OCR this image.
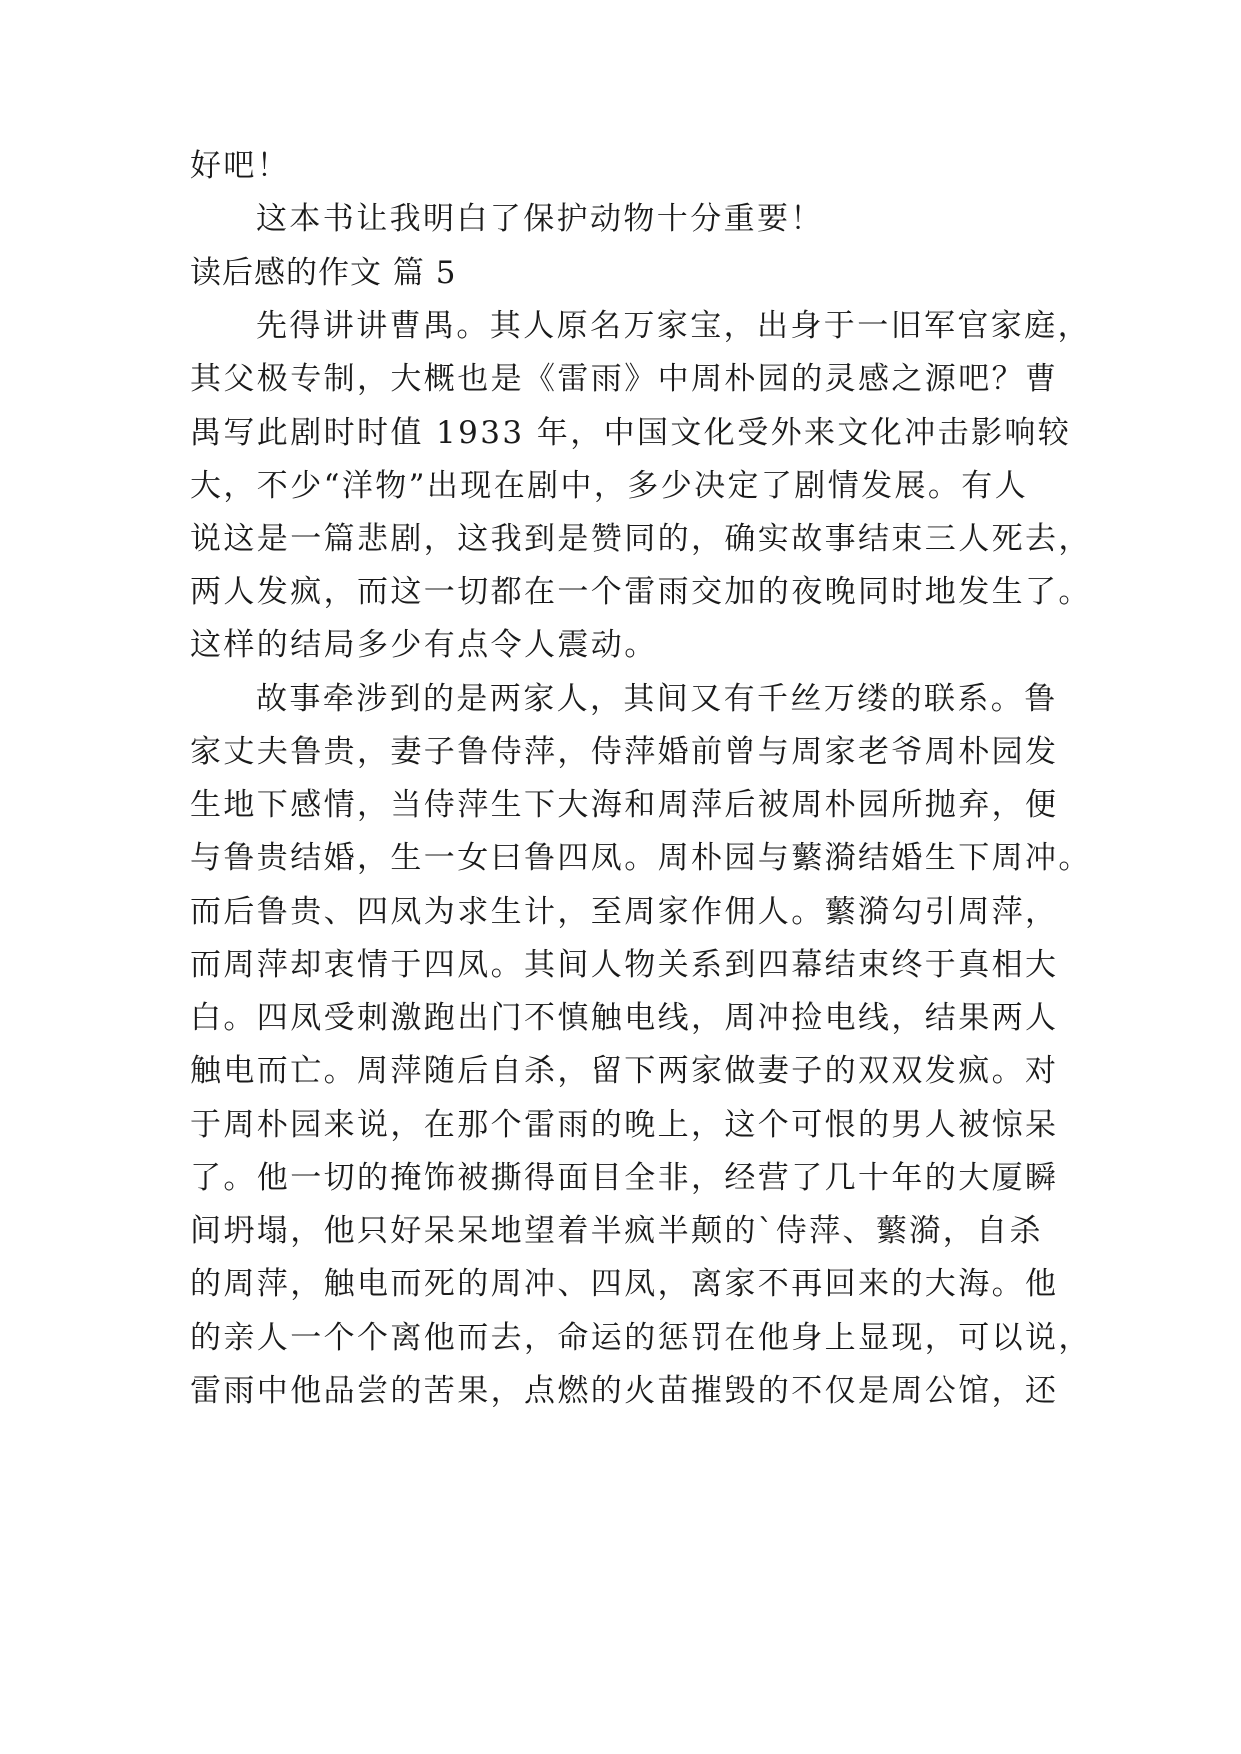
好吧！
这本书让我明白了保护动物十分重要！
读后感的作文 篇 5
先得讲讲曹禺。其人原名万家宝，出身于一旧军官家庭，
其父极专制，大概也是《雷雨》中周朴园的灵感之源吧？曹
禺写此剧时时值 1933 年，中国文化受外来文化冲击影响较
大，不少“洋物”出现在剧中，多少决定了剧情发展。有人
说这是一篇悲剧，这我到是赞同的，确实故事结束三人死去，
两人发疯，而这一切都在一个雷雨交加的夜晚同时地发生了。
这样的结局多少有点令人震动。
故事牵涉到的是两家人，其间又有千丝万缕的联系。鲁
家丈夫鲁贵，妻子鲁侍萍，侍萍婚前曾与周家老爷周朴园发
生地下感情，当侍萍生下大海和周萍后被周朴园所抛弃，便
与鲁贵结婚，生一女曰鲁四凤。周朴园与蘩漪结婚生下周冲。
而后鲁贵、四凤为求生计，至周家作佣人。蘩漪勾引周萍，
而周萍却衷情于四凤。其间人物关系到四幕结束终于真相大
白。四凤受刺激跑出门不慎触电线，周冲捡电线，结果两人
触电而亡。周萍随后自杀，留下两家做妻子的双双发疯。对
于周朴园来说，在那个雷雨的晚上，这个可恨的男人被惊呆
了。他一切的掩饰被撕得面目全非，经营了几十年的大厦瞬
间坍塌，他只好呆呆地望着半疯半颠的`侍萍、蘩漪，自杀
的周萍，触电而死的周冲、四凤，离家不再回来的大海。他
的亲人一个个离他而去，命运的惩罚在他身上显现，可以说，
雷雨中他品尝的苦果，点燃的火苗摧毁的不仅是周公馆，还
